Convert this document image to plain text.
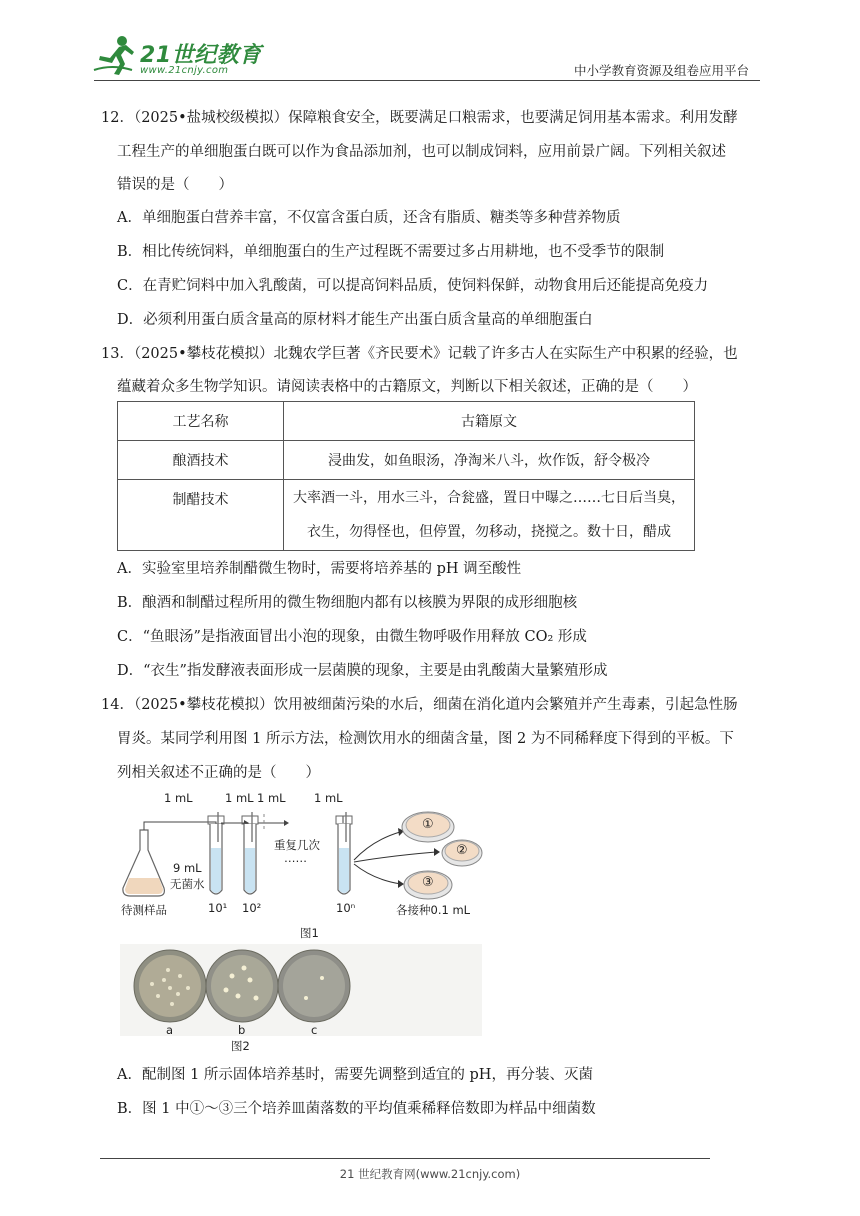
21世纪教育
www.21cnjy.com	中小学教育资源及组卷应用平台
12．（2025•盐城校级模拟）保障粮食安全，既要满足口粮需求，也要满足饲用基本需求。利用发酵
工程生产的单细胞蛋白既可以作为食品添加剂，也可以制成饲料，应用前景广阔。下列相关叙述
错误的是（　　）
A．单细胞蛋白营养丰富，不仅富含蛋白质，还含有脂质、糖类等多种营养物质
B．相比传统饲料，单细胞蛋白的生产过程既不需要过多占用耕地，也不受季节的限制
C．在青贮饲料中加入乳酸菌，可以提高饲料品质，使饲料保鲜，动物食用后还能提高免疫力
D．必须利用蛋白质含量高的原材料才能生产出蛋白质含量高的单细胞蛋白
13．（2025•攀枝花模拟）北魏农学巨著《齐民要术》记载了许多古人在实际生产中积累的经验，也
蕴藏着众多生物学知识。请阅读表格中的古籍原文，判断以下相关叙述，正确的是（　　）
工艺名称	古籍原文
酿酒技术	浸曲发，如鱼眼汤，净淘米八斗，炊作饭，舒令极冷
制醋技术	大率酒一斗，用水三斗，合瓮盛，置日中曝之……七日后当臭，
衣生，勿得怪也，但停置，勿移动，挠搅之。数十日，醋成
A．实验室里培养制醋微生物时，需要将培养基的 pH 调至酸性
B．酿酒和制醋过程所用的微生物细胞内都有以核膜为界限的成形细胞核
C．“鱼眼汤”是指液面冒出小泡的现象，由微生物呼吸作用释放 CO₂ 形成
D．“衣生”指发酵液表面形成一层菌膜的现象，主要是由乳酸菌大量繁殖形成
14．（2025•攀枝花模拟）饮用被细菌污染的水后，细菌在消化道内会繁殖并产生毒素，引起急性肠
胃炎。某同学利用图 1 所示方法，检测饮用水的细菌含量，图 2 为不同稀释度下得到的平板。下
列相关叙述不正确的是（　　）
1 mL	1 mL 1 mL 1 mL
9 mL
无菌水
重复几次
……
待测样品	10¹ 10²	10ⁿ
①
②
③
各接种0.1 mL
图1
a	b	c
图2
A．配制图 1 所示固体培养基时，需要先调整到适宜的 pH，再分装、灭菌
B．图 1 中①～③三个培养皿菌落数的平均值乘稀释倍数即为样品中细菌数
21 世纪教育网(www.21cnjy.com)
